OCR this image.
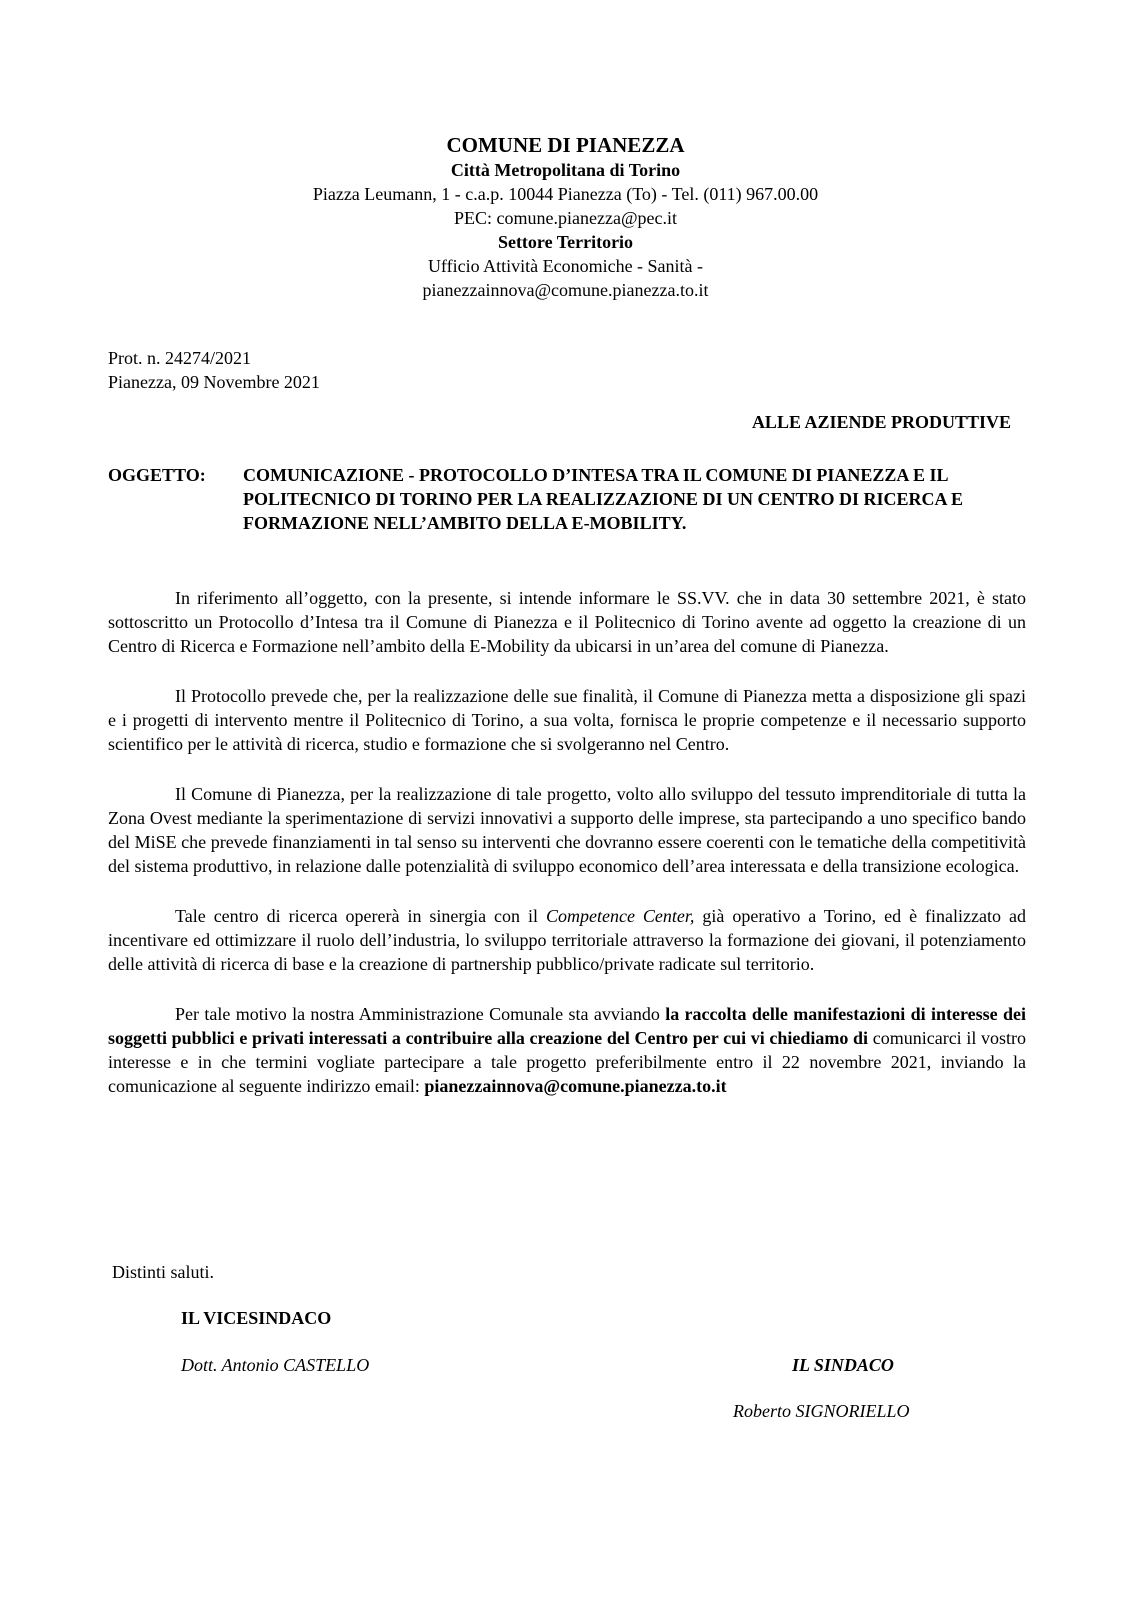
COMUNE DI PIANEZZA
Città Metropolitana di Torino
Piazza Leumann, 1 - c.a.p. 10044 Pianezza (To) - Tel. (011) 967.00.00
PEC: comune.pianezza@pec.it
Settore Territorio
Ufficio Attività Economiche - Sanità -
pianezzainnova@comune.pianezza.to.it
Prot. n. 24274/2021
Pianezza, 09 Novembre 2021
ALLE AZIENDE PRODUTTIVE
OGGETTO: COMUNICAZIONE - PROTOCOLLO D’INTESA TRA IL COMUNE DI PIANEZZA E IL POLITECNICO DI TORINO PER LA REALIZZAZIONE DI UN CENTRO DI RICERCA E FORMAZIONE NELL’AMBITO DELLA E-MOBILITY.

In riferimento all’oggetto, con la presente, si intende informare le SS.VV. che in data 30 settembre 2021, è stato sottoscritto un Protocollo d’Intesa tra il Comune di Pianezza e il Politecnico di Torino avente ad oggetto la creazione di un Centro di Ricerca e Formazione nell’ambito della E-Mobility da ubicarsi in un’area del comune di Pianezza.

Il Protocollo prevede che, per la realizzazione delle sue finalità, il Comune di Pianezza metta a disposizione gli spazi e i progetti di intervento mentre il Politecnico di Torino, a sua volta, fornisca le proprie competenze e il necessario supporto scientifico per le attività di ricerca, studio e formazione che si svolgeranno nel Centro.

Il Comune di Pianezza, per la realizzazione di tale progetto, volto allo sviluppo del tessuto imprenditoriale di tutta la Zona Ovest mediante la sperimentazione di servizi innovativi a supporto delle imprese, sta partecipando a uno specifico bando del MiSE che prevede finanziamenti in tal senso su interventi che dovranno essere coerenti con le tematiche della competitività del sistema produttivo, in relazione dalle potenzialità di sviluppo economico dell’area interessata e della transizione ecologica.

Tale centro di ricerca opererà in sinergia con il Competence Center, già operativo a Torino, ed è finalizzato ad incentivare ed ottimizzare il ruolo dell’industria, lo sviluppo territoriale attraverso la formazione dei giovani, il potenziamento delle attività di ricerca di base e la creazione di partnership pubblico/private radicate sul territorio.

Per tale motivo la nostra Amministrazione Comunale sta avviando la raccolta delle manifestazioni di interesse dei soggetti pubblici e privati interessati a contribuire alla creazione del Centro per cui vi chiediamo di comunicarci il vostro interesse e in che termini vogliate partecipare a tale progetto preferibilmente entro il 22 novembre 2021, inviando la comunicazione al seguente indirizzo email: pianezzainnova@comune.pianezza.to.it

Distinti saluti.
IL VICESINDACO
Dott. Antonio CASTELLO	IL SINDACO
Roberto SIGNORIELLO
